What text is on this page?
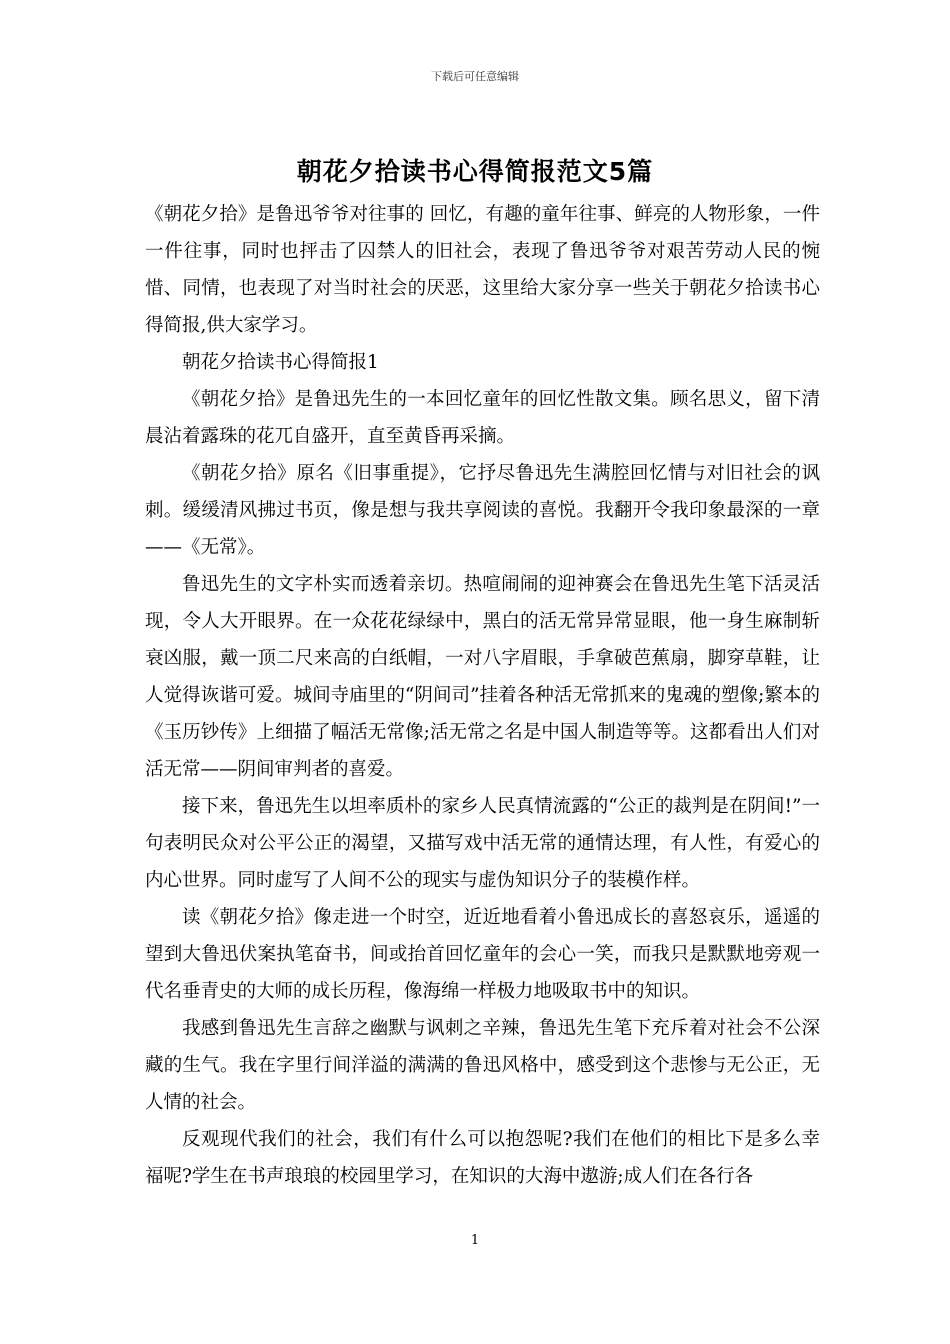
下载后可任意编辑
朝花夕拾读书心得简报范文5篇

《朝花夕拾》是鲁迅爷爷对往事的 回忆，有趣的童年往事、鲜亮的人物形象，一件一件往事，同时也抨击了囚禁人的旧社会，表现了鲁迅爷爷对艰苦劳动人民的惋惜、同情，也表现了对当时社会的厌恶，这里给大家分享一些关于朝花夕拾读书心得简报,供大家学习。

朝花夕拾读书心得简报1

《朝花夕拾》是鲁迅先生的一本回忆童年的回忆性散文集。顾名思义，留下清晨沾着露珠的花兀自盛开，直至黄昏再采摘。

《朝花夕拾》原名《旧事重提》，它抒尽鲁迅先生满腔回忆情与对旧社会的讽刺。缓缓清风拂过书页，像是想与我共享阅读的喜悦。我翻开令我印象最深的一章——《无常》。

鲁迅先生的文字朴实而透着亲切。热喧闹闹的迎神赛会在鲁迅先生笔下活灵活现，令人大开眼界。在一众花花绿绿中，黑白的活无常异常显眼，他一身生麻制斩衰凶服，戴一顶二尺来高的白纸帽，一对八字眉眼，手拿破芭蕉扇，脚穿草鞋，让人觉得诙谐可爱。城间寺庙里的“阴间司”挂着各种活无常抓来的鬼魂的塑像;繁本的《玉历钞传》上细描了幅活无常像;活无常之名是中国人制造等等。这都看出人们对活无常——阴间审判者的喜爱。

接下来，鲁迅先生以坦率质朴的家乡人民真情流露的“公正的裁判是在阴间!”一句表明民众对公平公正的渴望，又描写戏中活无常的通情达理，有人性，有爱心的内心世界。同时虚写了人间不公的现实与虚伪知识分子的装模作样。

读《朝花夕拾》像走进一个时空，近近地看着小鲁迅成长的喜怒哀乐，遥遥的望到大鲁迅伏案执笔奋书，间或抬首回忆童年的会心一笑，而我只是默默地旁观一代名垂青史的大师的成长历程，像海绵一样极力地吸取书中的知识。

我感到鲁迅先生言辞之幽默与讽刺之辛辣，鲁迅先生笔下充斥着对社会不公深藏的生气。我在字里行间洋溢的满满的鲁迅风格中，感受到这个悲惨与无公正，无人情的社会。

反观现代我们的社会，我们有什么可以抱怨呢?我们在他们的相比下是多么幸福呢?学生在书声琅琅的校园里学习，在知识的大海中遨游;成人们在各行各

1
